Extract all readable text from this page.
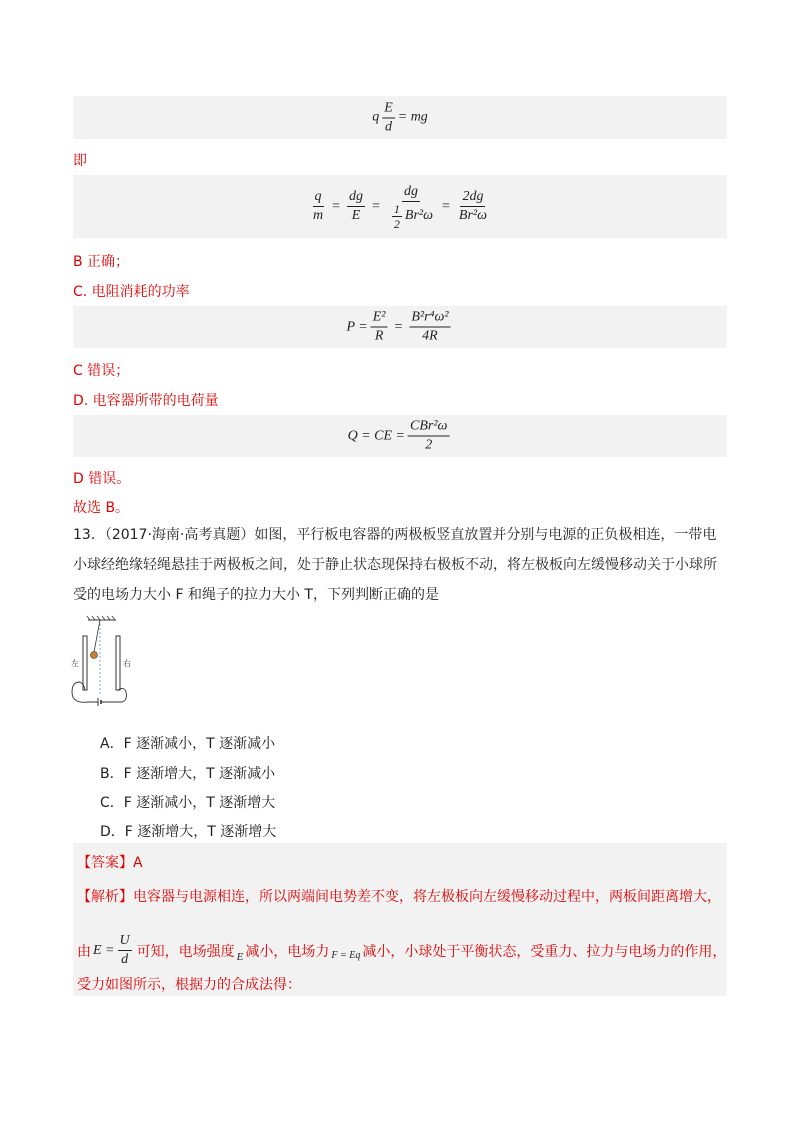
q $\frac{E}{d}$ = mg
即
$\frac{q}{m} = \frac{dg}{E} = \frac{dg}{\frac{1}{2} Br^2\omega} = \frac{2dg}{\text{Br²ω}}$
B 正确；
C. 电阻消耗的功率
$P = \frac{\text{E²}}{R} = \frac{\text{B²r⁴ω²}}{4R}$
C 错误；
D. 电容器所带的电荷量
Q = CE = $\frac{\text{CBr²ω}}{2}$
D 错误。
故选 B。
13．（2017·海南·高考真题）如图，平行板电容器的两极板竖直放置并分别与电源的正负极相连，一带电
小球经绝缘轻绳悬挂于两极板之间，处于静止状态现保持右极板不动，将左极板向左缓慢移动关于小球所
受的电场力大小 F 和绳子的拉力大小 T，下列判断正确的是
左	右
A．F 逐渐减小，T 逐渐减小
B．F 逐渐增大，T 逐渐减小
C．F 逐渐减小，T 逐渐增大
D．F 逐渐增大，T 逐渐增大
【答案】A
【解析】电容器与电源相连，所以两端间电势差不变，将左极板向左缓慢移动过程中，两板间距离增大，
由 $E = \frac{U}{d}$ 可知，电场强度 E 减小，电场力 F = Eq 减小，小球处于平衡状态，受重力、拉力与电场力的作用，
受力如图所示，根据力的合成法得：
